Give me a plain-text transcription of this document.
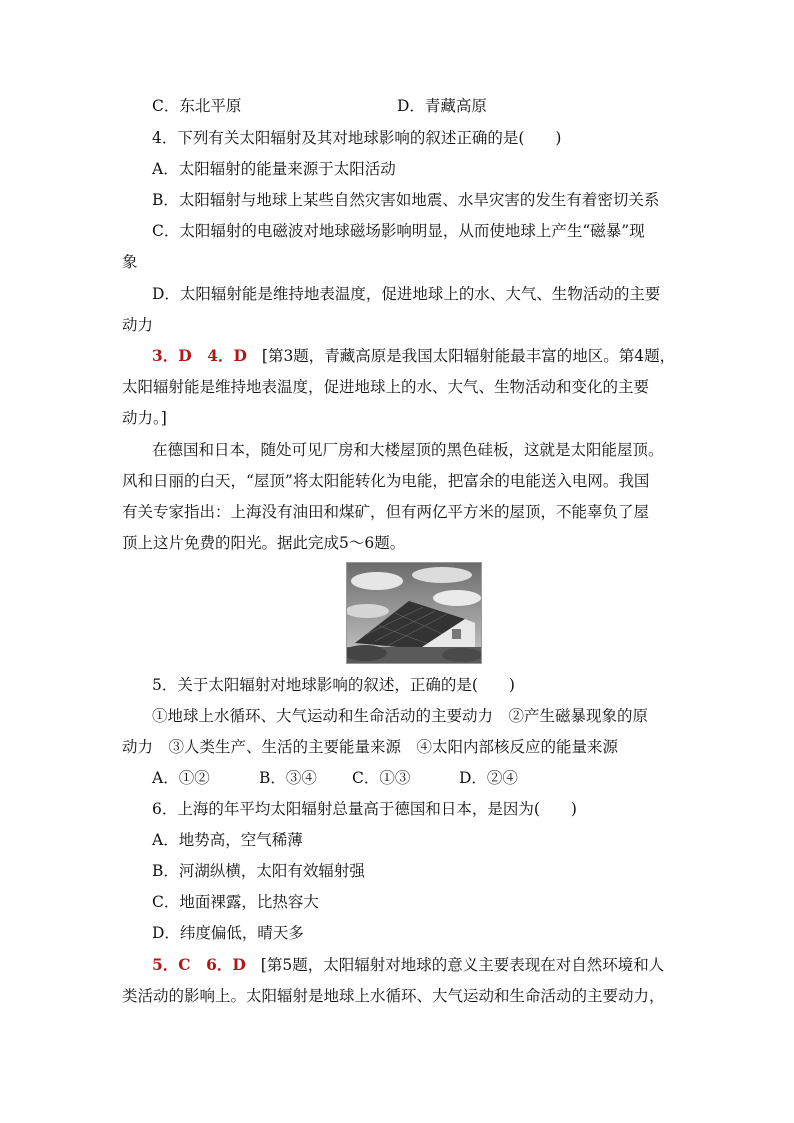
C．东北平原	D．青藏高原
4．下列有关太阳辐射及其对地球影响的叙述正确的是(　　)
A．太阳辐射的能量来源于太阳活动
B．太阳辐射与地球上某些自然灾害如地震、水旱灾害的发生有着密切关系
C．太阳辐射的电磁波对地球磁场影响明显，从而使地球上产生“磁暴”现
象
D．太阳辐射能是维持地表温度，促进地球上的水、大气、生物活动的主要
动力
3．D　4．D [第3题，青藏高原是我国太阳辐射能最丰富的地区。第4题，
太阳辐射能是维持地表温度，促进地球上的水、大气、生物活动和变化的主要
动力。]
在德国和日本，随处可见厂房和大楼屋顶的黑色硅板，这就是太阳能屋顶。
风和日丽的白天，“屋顶”将太阳能转化为电能，把富余的电能送入电网。我国
有关专家指出：上海没有油田和煤矿，但有两亿平方米的屋顶，不能辜负了屋
顶上这片免费的阳光。据此完成5～6题。
5．关于太阳辐射对地球影响的叙述，正确的是(　　)
①地球上水循环、大气运动和生命活动的主要动力　②产生磁暴现象的原
动力　③人类生产、生活的主要能量来源　④太阳内部核反应的能量来源
A．①②	B．③④ C．①③	D．②④
6．上海的年平均太阳辐射总量高于德国和日本，是因为(　　)
A．地势高，空气稀薄
B．河湖纵横，太阳有效辐射强
C．地面裸露，比热容大
D．纬度偏低，晴天多
5．C　6．D [第5题，太阳辐射对地球的意义主要表现在对自然环境和人
类活动的影响上。太阳辐射是地球上水循环、大气运动和生命活动的主要动力，
